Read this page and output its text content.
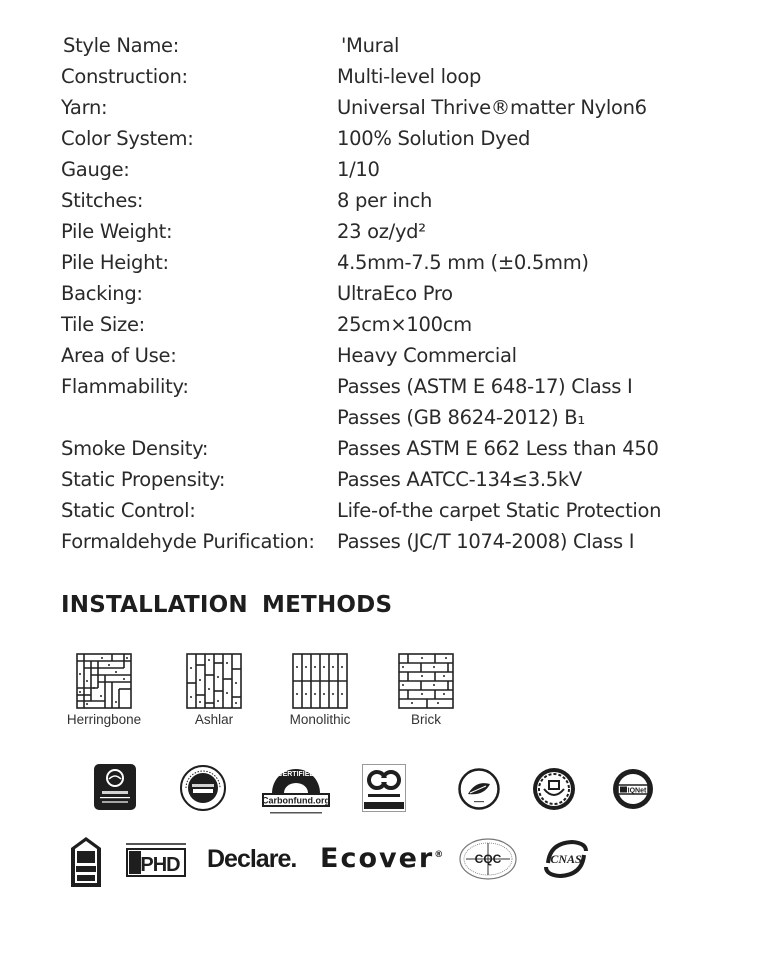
Style Name:	'Mural
Construction:	Multi-level loop
Yarn:	Universal Thrive®matter Nylon6
Color System:	100% Solution Dyed
Gauge:	1/10
Stitches:	8 per inch
Pile Weight:	23 oz/yd²
Pile Height:	4.5mm-7.5 mm (±0.5mm)
Backing:	UltraEco Pro
Tile Size:	25cm×100cm
Area of Use:	Heavy Commercial
Flammability:	Passes (ASTM E 648-17) Class I
Passes (GB 8624-2012) B₁
Smoke Density:	Passes ASTM E 662 Less than 450
Static Propensity:	Passes AATCC-134≤3.5kV
Static Control:	Life-of-the carpet Static Protection
Formaldehyde Purification:	Passes (JC/T 1074-2008) Class I
INSTALLATION METHODS
Herringbone	Ashlar	Monolithic	Brick
CERTIFIED
Carbonfund.org
IQNet
PHD Declare. Ecover®	CQC	CNAS
